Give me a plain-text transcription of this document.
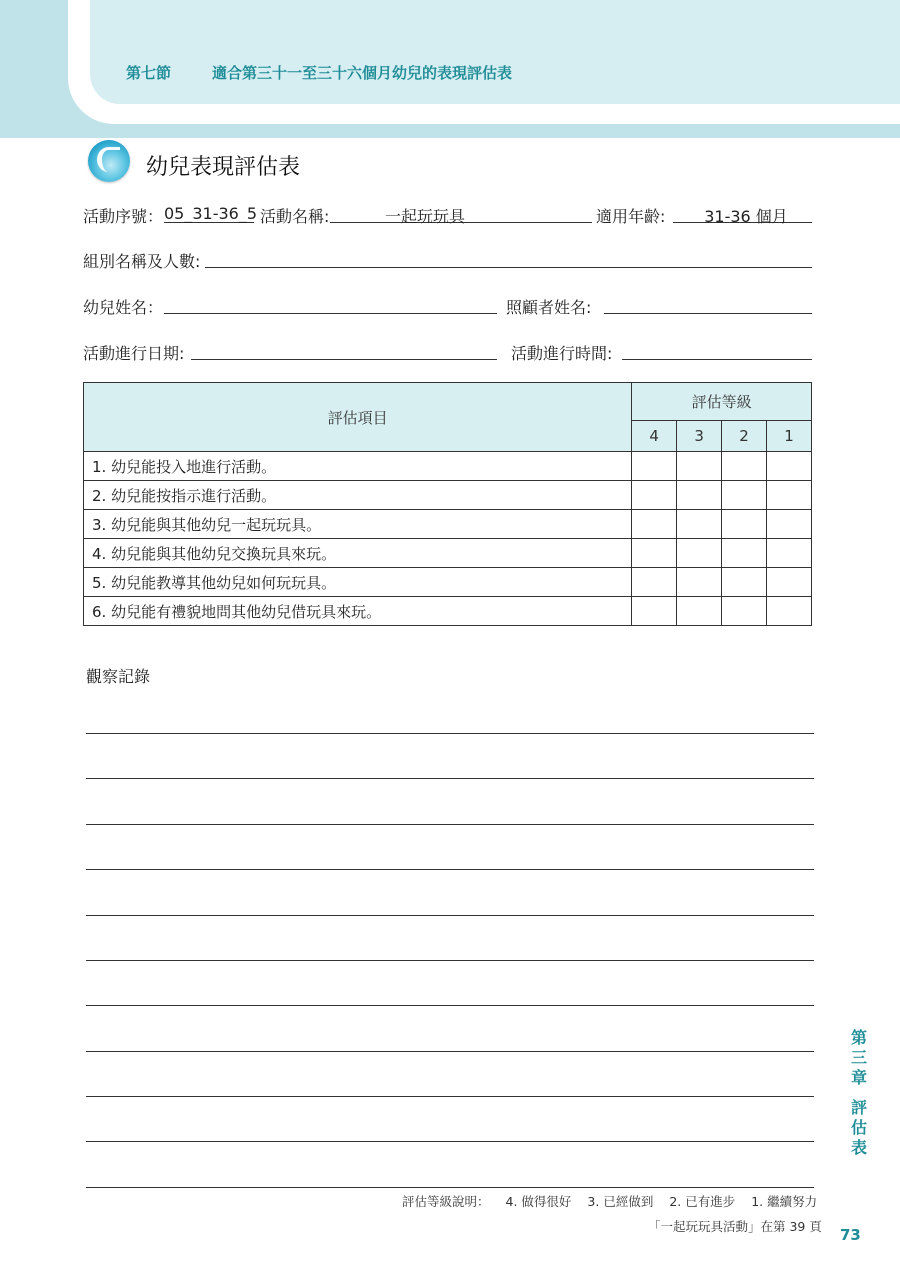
第七節	適合第三十一至三十六個月幼兒的表現評估表
幼兒表現評估表
活動序號： 05_31-36_5 活動名稱:	一起玩玩具	適用年齡:	31-36 個月
組別名稱及人數:
幼兒姓名：	照顧者姓名:
活動進行日期:	活動進行時間:
評估項目	評估等級			
	4	3	2	1
1. 幼兒能投入地進行活動。				
2. 幼兒能按指示進行活動。				
3. 幼兒能與其他幼兒一起玩玩具。				
4. 幼兒能與其他幼兒交換玩具來玩。				
5. 幼兒能教導其他幼兒如何玩玩具。				
6. 幼兒能有禮貌地問其他幼兒借玩具來玩。				
觀察記錄
評估等級說明： 4. 做得很好 3. 已經做到 2. 已有進步 1. 繼續努力
「一起玩玩具活動」在第 39 頁 73
第三章
評估表
